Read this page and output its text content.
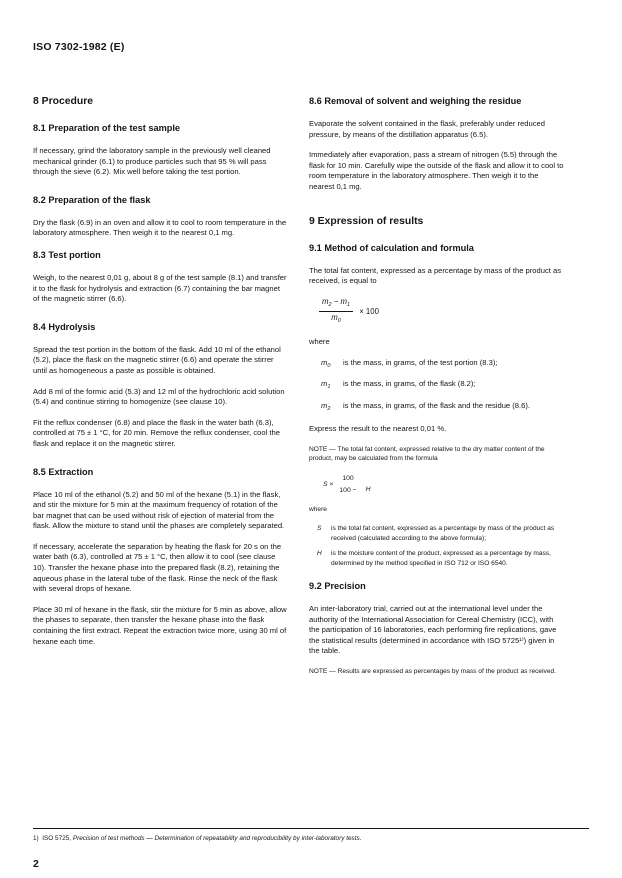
ISO 7302-1982 (E)
8 Procedure
8.1 Preparation of the test sample

If necessary, grind the laboratory sample in the previously well cleaned mechanical grinder (6.1) to produce particles such that 95 % will pass through the sieve (6.2). Mix well before taking the test portion.

8.2 Preparation of the flask

Dry the flask (6.9) in an oven and allow it to cool to room temperature in the laboratory atmosphere. Then weigh it to the nearest 0,1 mg.

8.3 Test portion

Weigh, to the nearest 0,01 g, about 8 g of the test sample (8.1) and transfer it to the flask for hydrolysis and extraction (6.7) containing the bar magnet of the magnetic stirrer (6.6).

8.4 Hydrolysis

Spread the test portion in the bottom of the flask. Add 10 ml of the ethanol (5.2), place the flask on the magnetic stirrer (6.6) and operate the stirrer until as homogeneous a paste as possible is obtained.

Add 8 ml of the formic acid (5.3) and 12 ml of the hydrochloric acid solution (5.4) and continue stirring to homogenize (see clause 10).

Fit the reflux condenser (6.8) and place the flask in the water bath (6.3), controlled at 75 ± 1 °C, for 20 min. Remove the reflux condenser, cool the flask and replace it on the magnetic stirrer.

8.5 Extraction

Place 10 ml of the ethanol (5.2) and 50 ml of the hexane (5.1) in the flask, and stir the mixture for 5 min at the maximum frequency of rotation of the bar magnet that can be used without risk of ejection of material from the flask. Allow the mixture to stand until the phases are completely separated.

If necessary, accelerate the separation by heating the flask for 20 s on the water bath (6.3), controlled at 75 ± 1 °C, then allow it to cool (see clause 10). Transfer the hexane phase into the prepared flask (8.2), retaining the aqueous phase in the lateral tube of the flask. Rinse the neck of the flask with several drops of hexane.

Place 30 ml of hexane in the flask, stir the mixture for 5 min as above, allow the phases to separate, then transfer the hexane phase into the flask containing the first extract. Repeat the extraction twice more, using 30 ml of hexane each time.

8.6 Removal of solvent and weighing the residue

Evaporate the solvent contained in the flask, preferably under reduced pressure, by means of the distillation apparatus (6.5).

Immediately after evaporation, pass a stream of nitrogen (5.5) through the flask for 10 min. Carefully wipe the outside of the flask and allow it to cool to room temperature in the laboratory atmosphere. Then weigh it to the nearest 0,1 mg.

9 Expression of results
9.1 Method of calculation and formula

The total fat content, expressed as a percentage by mass of the product as received, is equal to

$\frac{m_2 - m_1}{m_0} \times 100$

where

$m_0$	is the mass, in grams, of the test portion (8.3);
$m_1$	is the mass, in grams, of the flask (8.2);
$m_2$	is the mass, in grams, of the flask and the residue (8.6).

Express the result to the nearest 0,01 %.

NOTE — The total fat content, expressed relative to the dry matter content of the product, may be calculated from the formula

S ×
100
100 −	H

where

S	is the total fat content, expressed as a percentage by mass of the product as received (calculated according to the above formula);
H	is the moisture content of the product, expressed as a percentage by mass, determined by the method specified in ISO 712 or ISO 6540.
9.2 Precision

An inter-laboratory trial, carried out at the international level under the authority of the International Association for Cereal Chemistry (ICC), with the participation of 16 laboratories, each performing fire replications, gave the statistical results (determined in accordance with ISO 5725¹⁾) given in the table.

NOTE — Results are expressed as percentages by mass of the product as received.

1) ISO 5725, Precision of test methods — Determination of repeatability and reproducibility by inter-laboratory tests.
2
